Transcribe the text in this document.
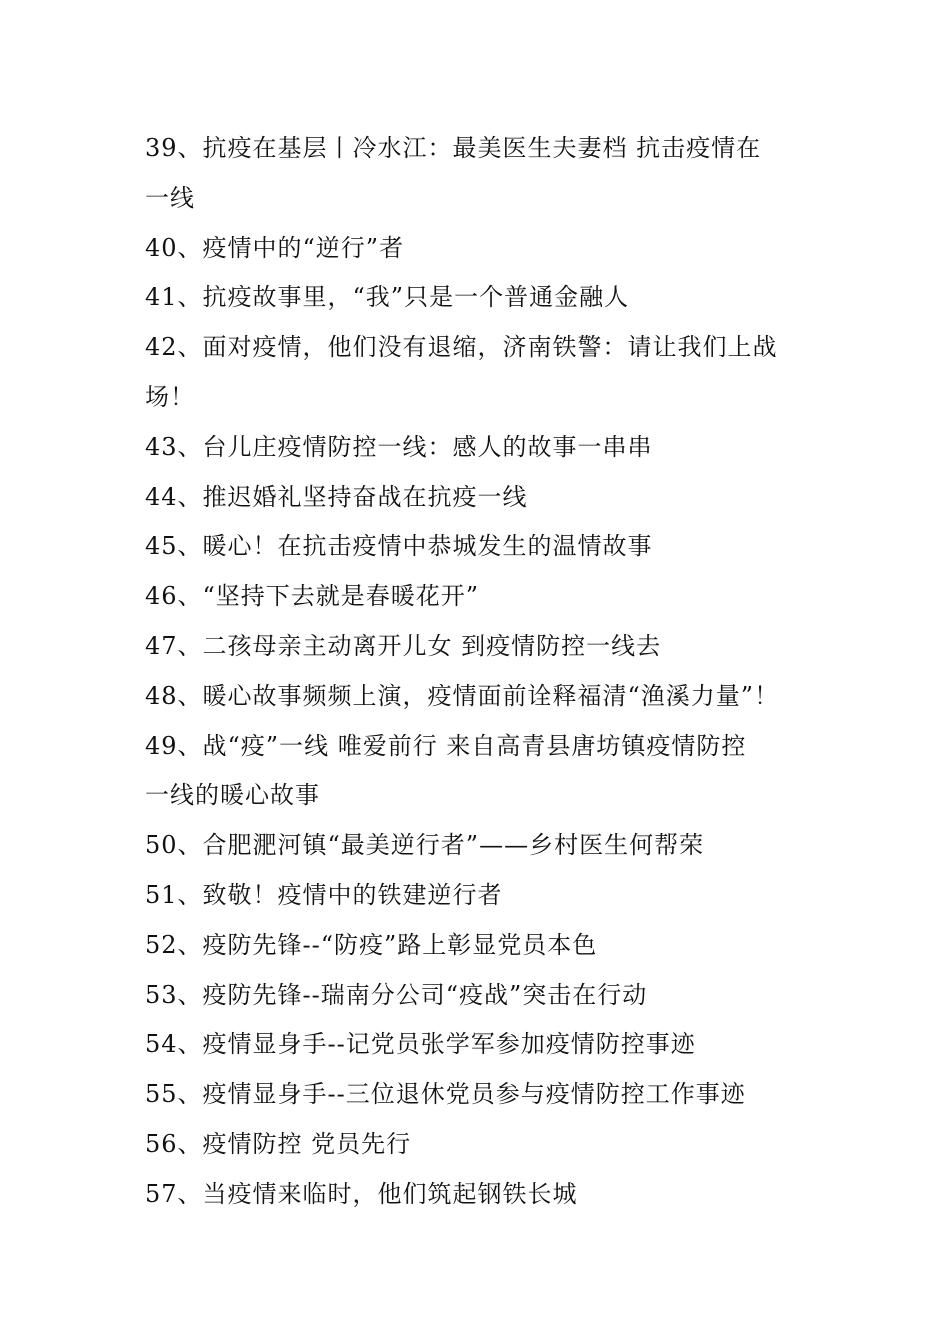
39、抗疫在基层丨冷水江：最美医生夫妻档 抗击疫情在
一线
40、疫情中的“逆行”者
41、抗疫故事里，“我”只是一个普通金融人
42、面对疫情，他们没有退缩，济南铁警：请让我们上战
场！
43、台儿庄疫情防控一线：感人的故事一串串
44、推迟婚礼坚持奋战在抗疫一线
45、暖心！在抗击疫情中恭城发生的温情故事
46、“坚持下去就是春暖花开”
47、二孩母亲主动离开儿女 到疫情防控一线去
48、暖心故事频频上演，疫情面前诠释福清“渔溪力量”！
49、战“疫”一线 唯爱前行 来自高青县唐坊镇疫情防控
一线的暖心故事
50、合肥淝河镇“最美逆行者”——乡村医生何帮荣
51、致敬！疫情中的铁建逆行者
52、疫防先锋--“防疫”路上彰显党员本色
53、疫防先锋--瑞南分公司“疫战”突击在行动
54、疫情显身手--记党员张学军参加疫情防控事迹
55、疫情显身手--三位退休党员参与疫情防控工作事迹
56、疫情防控 党员先行
57、当疫情来临时，他们筑起钢铁长城
